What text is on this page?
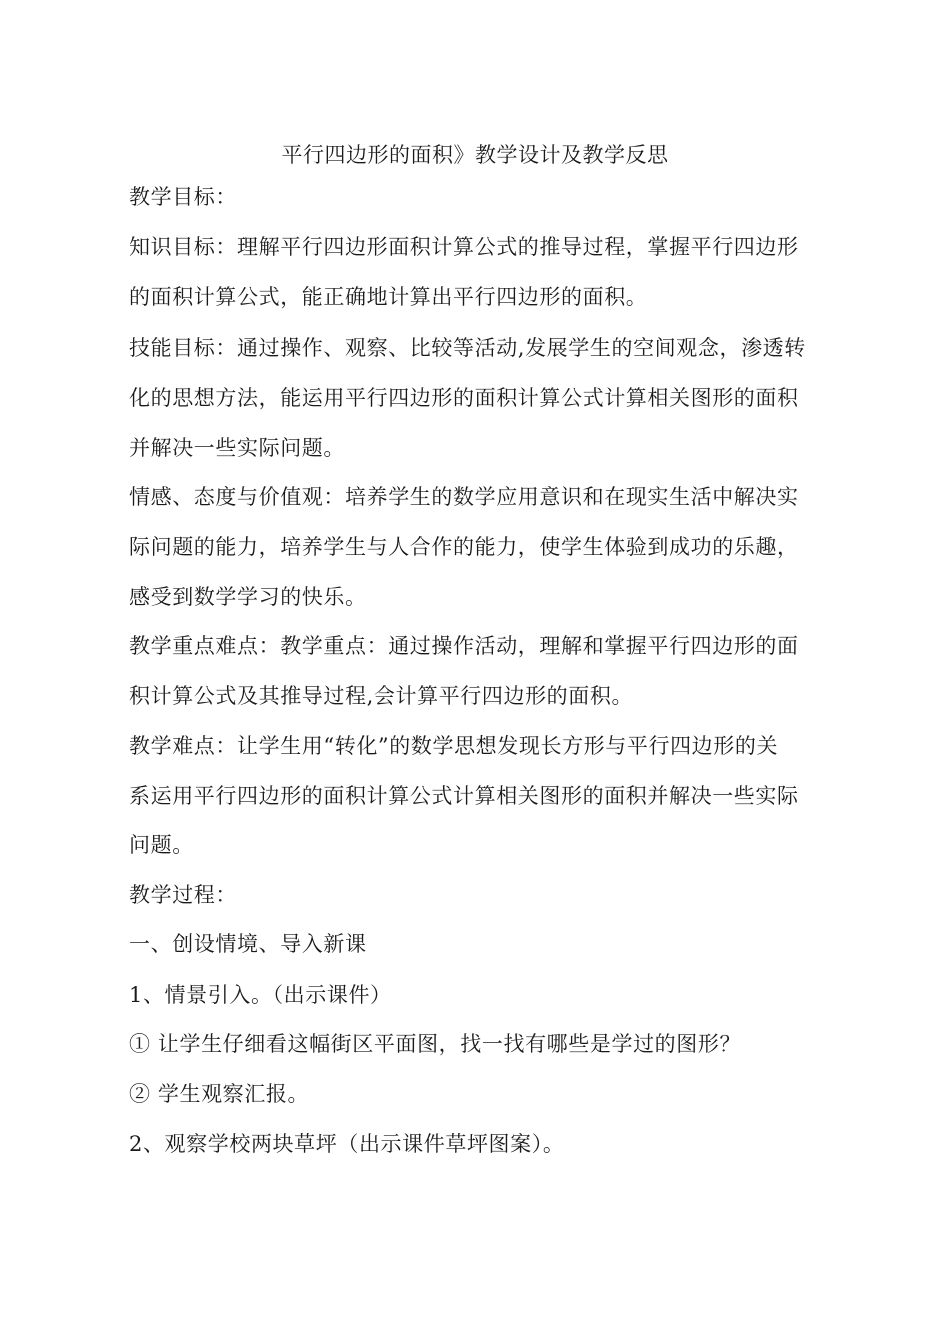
平行四边形的面积》教学设计及教学反思
教学目标：
知识目标：理解平行四边形面积计算公式的推导过程，掌握平行四边形
的面积计算公式，能正确地计算出平行四边形的面积。
技能目标：通过操作、观察、比较等活动,发展学生的空间观念，渗透转
化的思想方法，能运用平行四边形的面积计算公式计算相关图形的面积
并解决一些实际问题。
情感、态度与价值观：培养学生的数学应用意识和在现实生活中解决实
际问题的能力，培养学生与人合作的能力，使学生体验到成功的乐趣，
感受到数学学习的快乐。
教学重点难点：教学重点：通过操作活动，理解和掌握平行四边形的面
积计算公式及其推导过程,会计算平行四边形的面积。
教学难点：让学生用“转化”的数学思想发现长方形与平行四边形的关
系运用平行四边形的面积计算公式计算相关图形的面积并解决一些实际
问题。
教学过程：
一、创设情境、导入新课
1、情景引入。（出示课件）
① 让学生仔细看这幅街区平面图，找一找有哪些是学过的图形？
② 学生观察汇报。
2、观察学校两块草坪（出示课件草坪图案）。
